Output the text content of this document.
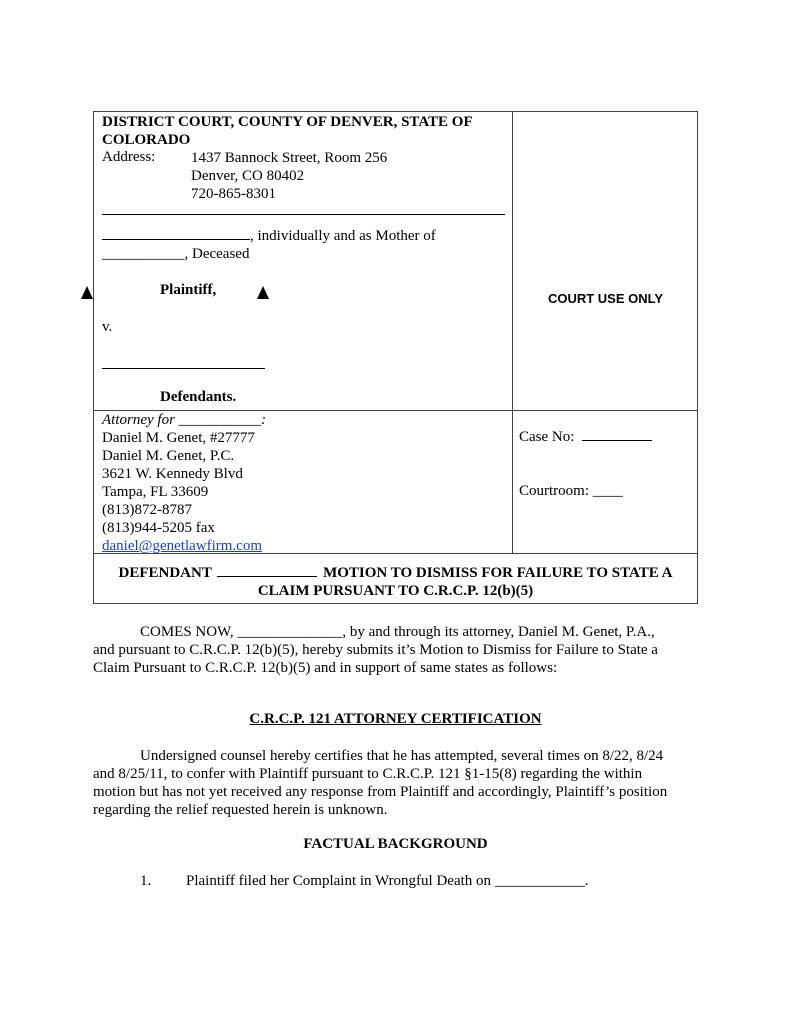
DISTRICT COURT, COUNTY OF DENVER, STATE OF
COLORADO
Address: 1437 Bannock Street, Room 256
Denver, CO 80402
720-865-8301
, individually and as Mother of
___________, Deceased
Plaintiff,
v.
Defendants.
COURT USE ONLY
Attorney for ___________:
Daniel M. Genet, #27777
Daniel M. Genet, P.C.
3621 W. Kennedy Blvd
Tampa, FL 33609
(813)872-8787
(813)944-5205 fax
daniel@genetlawfirm.com
Case No:
Courtroom: ____
DEFENDANT	MOTION TO DISMISS FOR FAILURE TO STATE A
CLAIM PURSUANT TO C.R.C.P. 12(b)(5)
COMES NOW, ______________, by and through its attorney, Daniel M. Genet, P.A.,
and pursuant to C.R.C.P. 12(b)(5), hereby submits it’s Motion to Dismiss for Failure to State a
Claim Pursuant to C.R.C.P. 12(b)(5) and in support of same states as follows:
C.R.C.P. 121 ATTORNEY CERTIFICATION
Undersigned counsel hereby certifies that he has attempted, several times on 8/22, 8/24
and 8/25/11, to confer with Plaintiff pursuant to C.R.C.P. 121 §1-15(8) regarding the within
motion but has not yet received any response from Plaintiff and accordingly, Plaintiff’s position
regarding the relief requested herein is unknown.
FACTUAL BACKGROUND
1. Plaintiff filed her Complaint in Wrongful Death on ____________.
